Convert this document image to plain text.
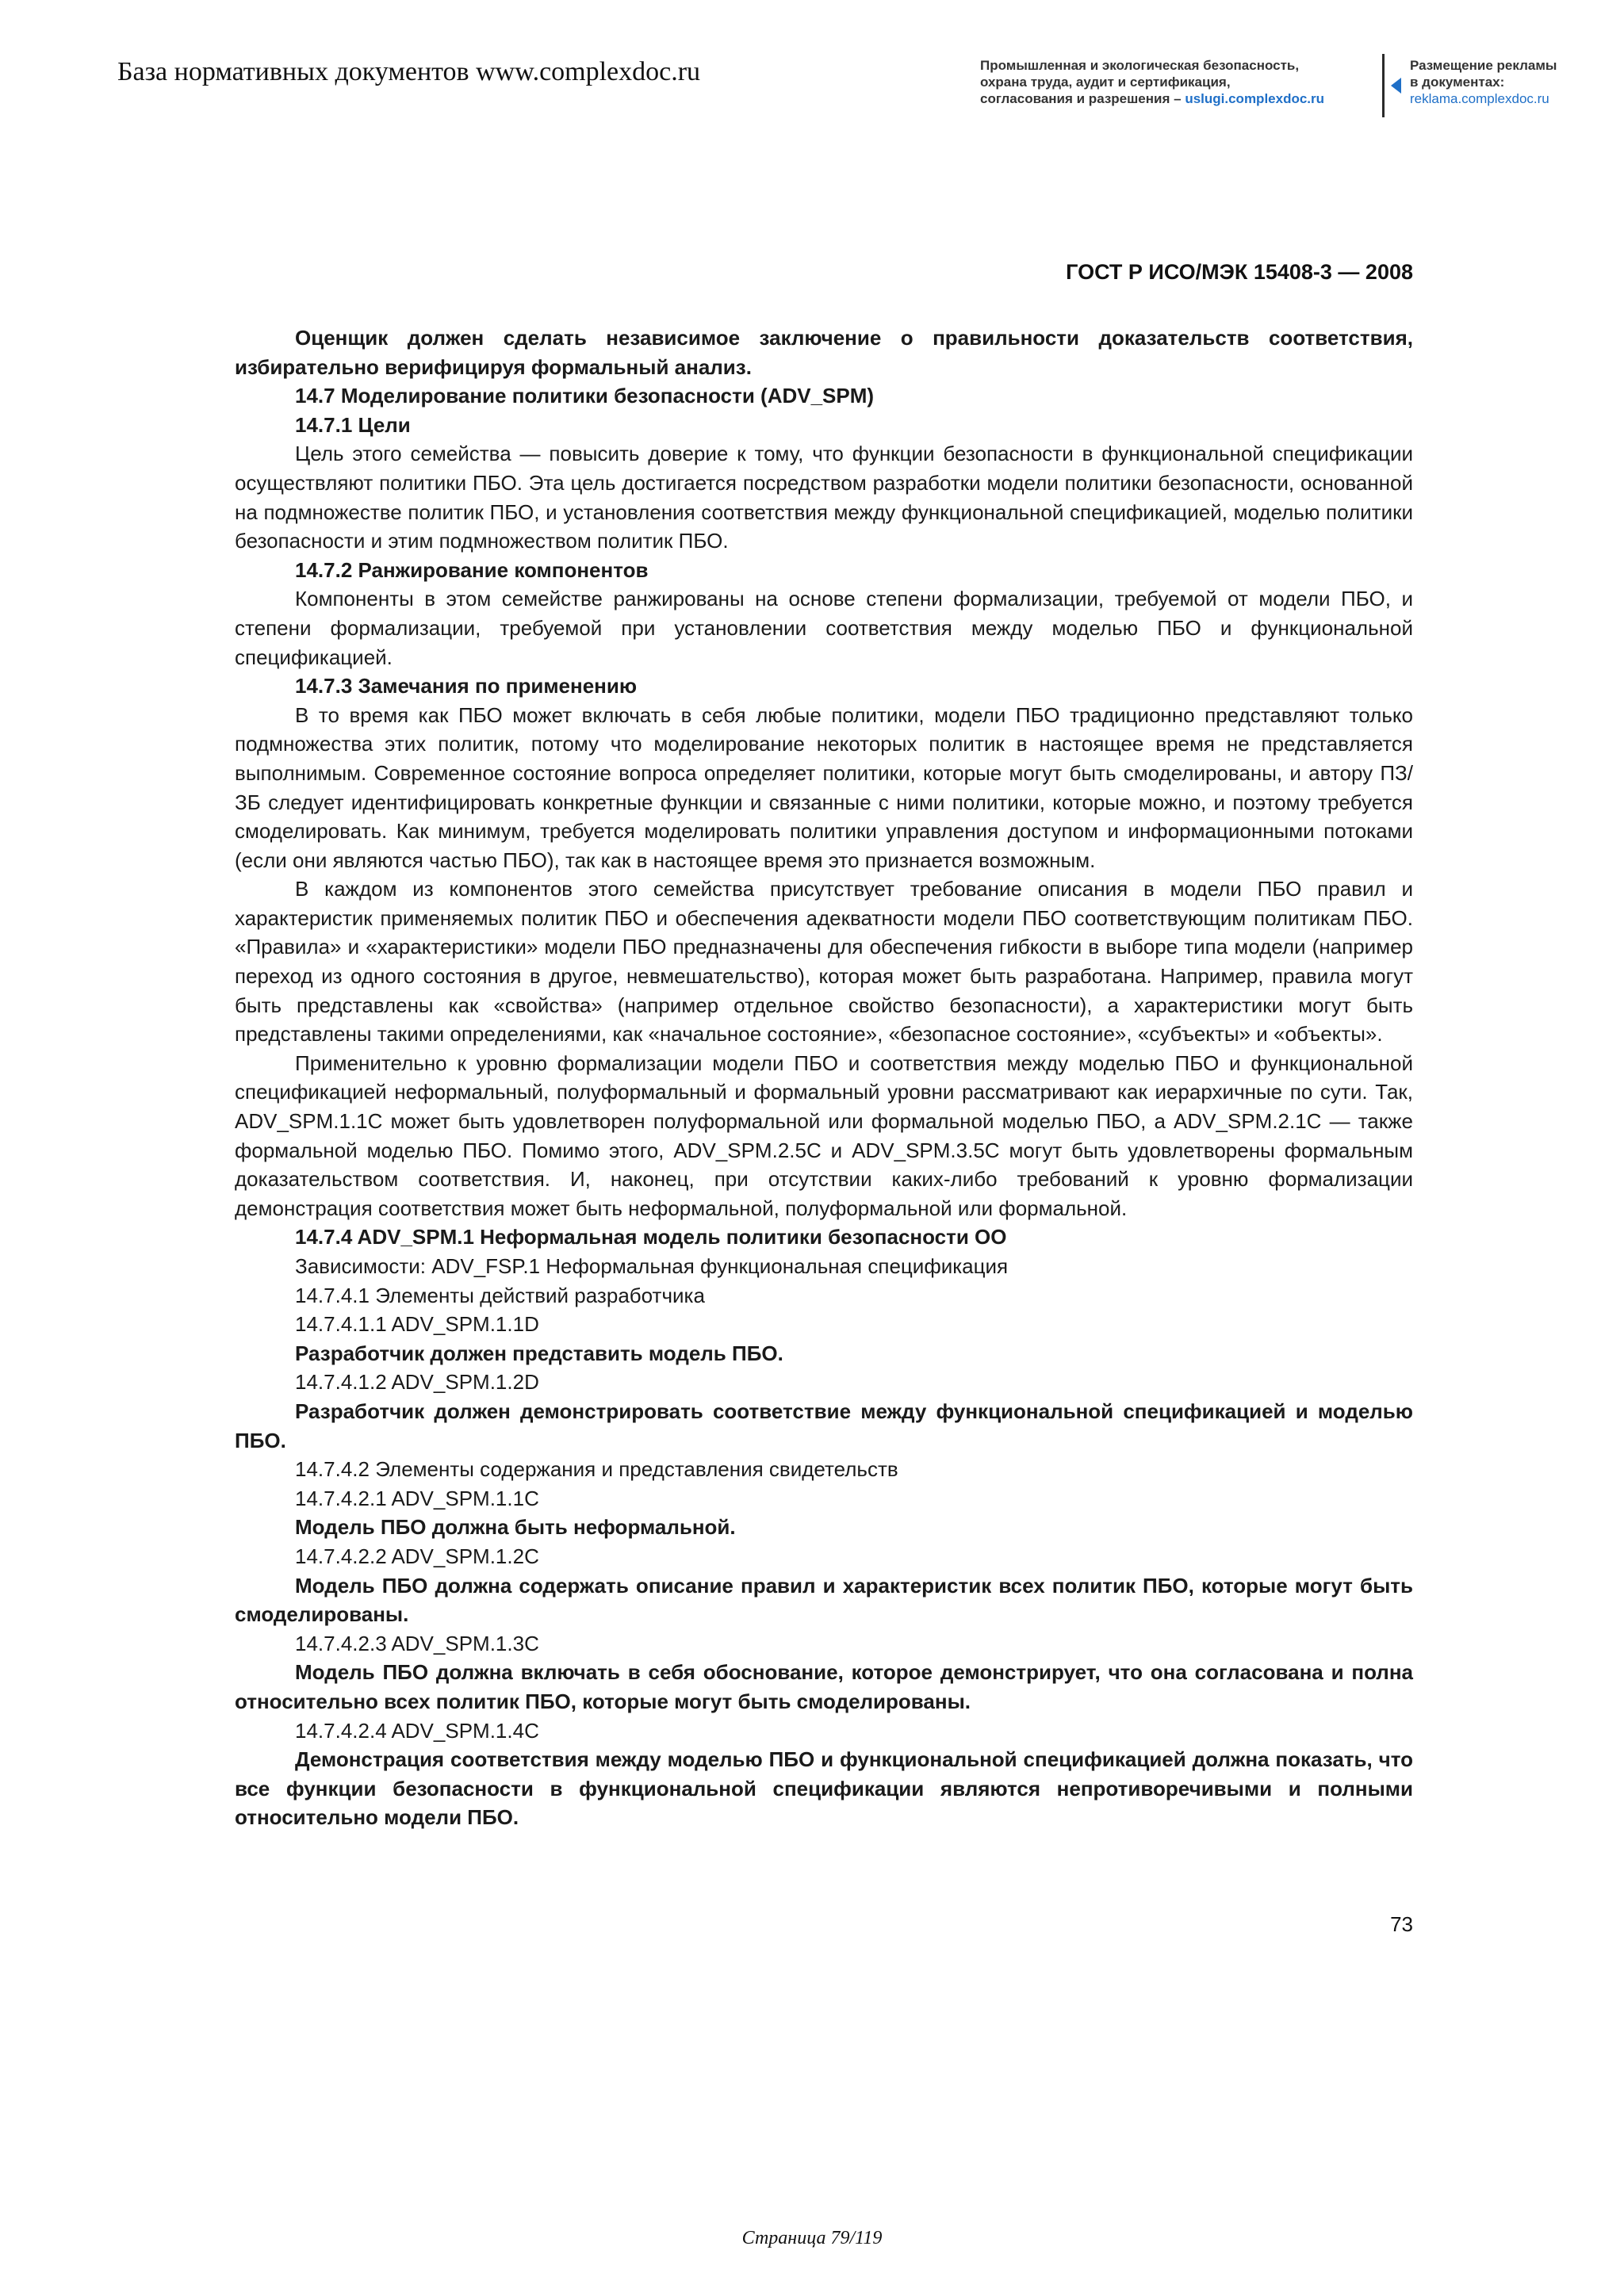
База нормативных документов www.complexdoc.ru	Промышленная и экологическая безопасность,
охрана труда, аудит и сертификация,
согласования и разрешения – uslugi.complexdoc.ru
Размещение рекламы
в документах:
reklama.complexdoc.ru
ГОСТ Р ИСО/МЭК 15408-3 — 2008

Оценщик должен сделать независимое заключение о правильности доказательств соответствия, избирательно верифицируя формальный анализ.

14.7 Моделирование политики безопасности (ADV_SPM)

14.7.1 Цели

Цель этого семейства — повысить доверие к тому, что функции безопасности в функциональной спецификации осуществляют политики ПБО. Эта цель достигается посредством разработки модели политики безопасности, основанной на подмножестве политик ПБО, и установления соответствия между функциональной спецификацией, моделью политики безопасности и этим подмножеством политик ПБО.

14.7.2 Ранжирование компонентов

Компоненты в этом семействе ранжированы на основе степени формализации, требуемой от модели ПБО, и степени формализации, требуемой при установлении соответствия между моделью ПБО и функциональной спецификацией.

14.7.3 Замечания по применению

В то время как ПБО может включать в себя любые политики, модели ПБО традиционно представляют только подмножества этих политик, потому что моделирование некоторых политик в настоящее время не представляется выполнимым. Современное состояние вопроса определяет политики, которые могут быть смоделированы, и автору ПЗ/ЗБ следует идентифицировать конкретные функции и связанные с ними политики, которые можно, и поэтому требуется смоделировать. Как минимум, требуется моделировать политики управления доступом и информационными потоками (если они являются частью ПБО), так как в настоящее время это признается возможным.

В каждом из компонентов этого семейства присутствует требование описания в модели ПБО правил и характеристик применяемых политик ПБО и обеспечения адекватности модели ПБО соответствующим политикам ПБО. «Правила» и «характеристики» модели ПБО предназначены для обеспечения гибкости в выборе типа модели (например переход из одного состояния в другое, невмешательство), которая может быть разработана. Например, правила могут быть представлены как «свойства» (например отдельное свойство безопасности), а характеристики могут быть представлены такими определениями, как «начальное состояние», «безопасное состояние», «субъекты» и «объекты».

Применительно к уровню формализации модели ПБО и соответствия между моделью ПБО и функциональной спецификацией неформальный, полуформальный и формальный уровни рассматривают как иерархичные по сути. Так, ADV_SPM.1.1C может быть удовлетворен полуформальной или формальной моделью ПБО, а ADV_SPM.2.1C — также формальной моделью ПБО. Помимо этого, ADV_SPM.2.5C и ADV_SPM.3.5C могут быть удовлетворены формальным доказательством соответствия. И, наконец, при отсутствии каких-либо требований к уровню формализации демонстрация соответствия может быть неформальной, полуформальной или формальной.

14.7.4 ADV_SPM.1 Неформальная модель политики безопасности ОО

Зависимости: ADV_FSP.1 Неформальная функциональная спецификация

14.7.4.1 Элементы действий разработчика

14.7.4.1.1 ADV_SPM.1.1D

Разработчик должен представить модель ПБО.

14.7.4.1.2 ADV_SPM.1.2D

Разработчик должен демонстрировать соответствие между функциональной спецификацией и моделью ПБО.

14.7.4.2 Элементы содержания и представления свидетельств

14.7.4.2.1 ADV_SPM.1.1C

Модель ПБО должна быть неформальной.

14.7.4.2.2 ADV_SPM.1.2C

Модель ПБО должна содержать описание правил и характеристик всех политик ПБО, которые могут быть смоделированы.

14.7.4.2.3 ADV_SPM.1.3C

Модель ПБО должна включать в себя обоснование, которое демонстрирует, что она согласована и полна относительно всех политик ПБО, которые могут быть смоделированы.

14.7.4.2.4 ADV_SPM.1.4C

Демонстрация соответствия между моделью ПБО и функциональной спецификацией должна показать, что все функции безопасности в функциональной спецификации являются непротиворечивыми и полными относительно модели ПБО.

73
Страница 79/119
